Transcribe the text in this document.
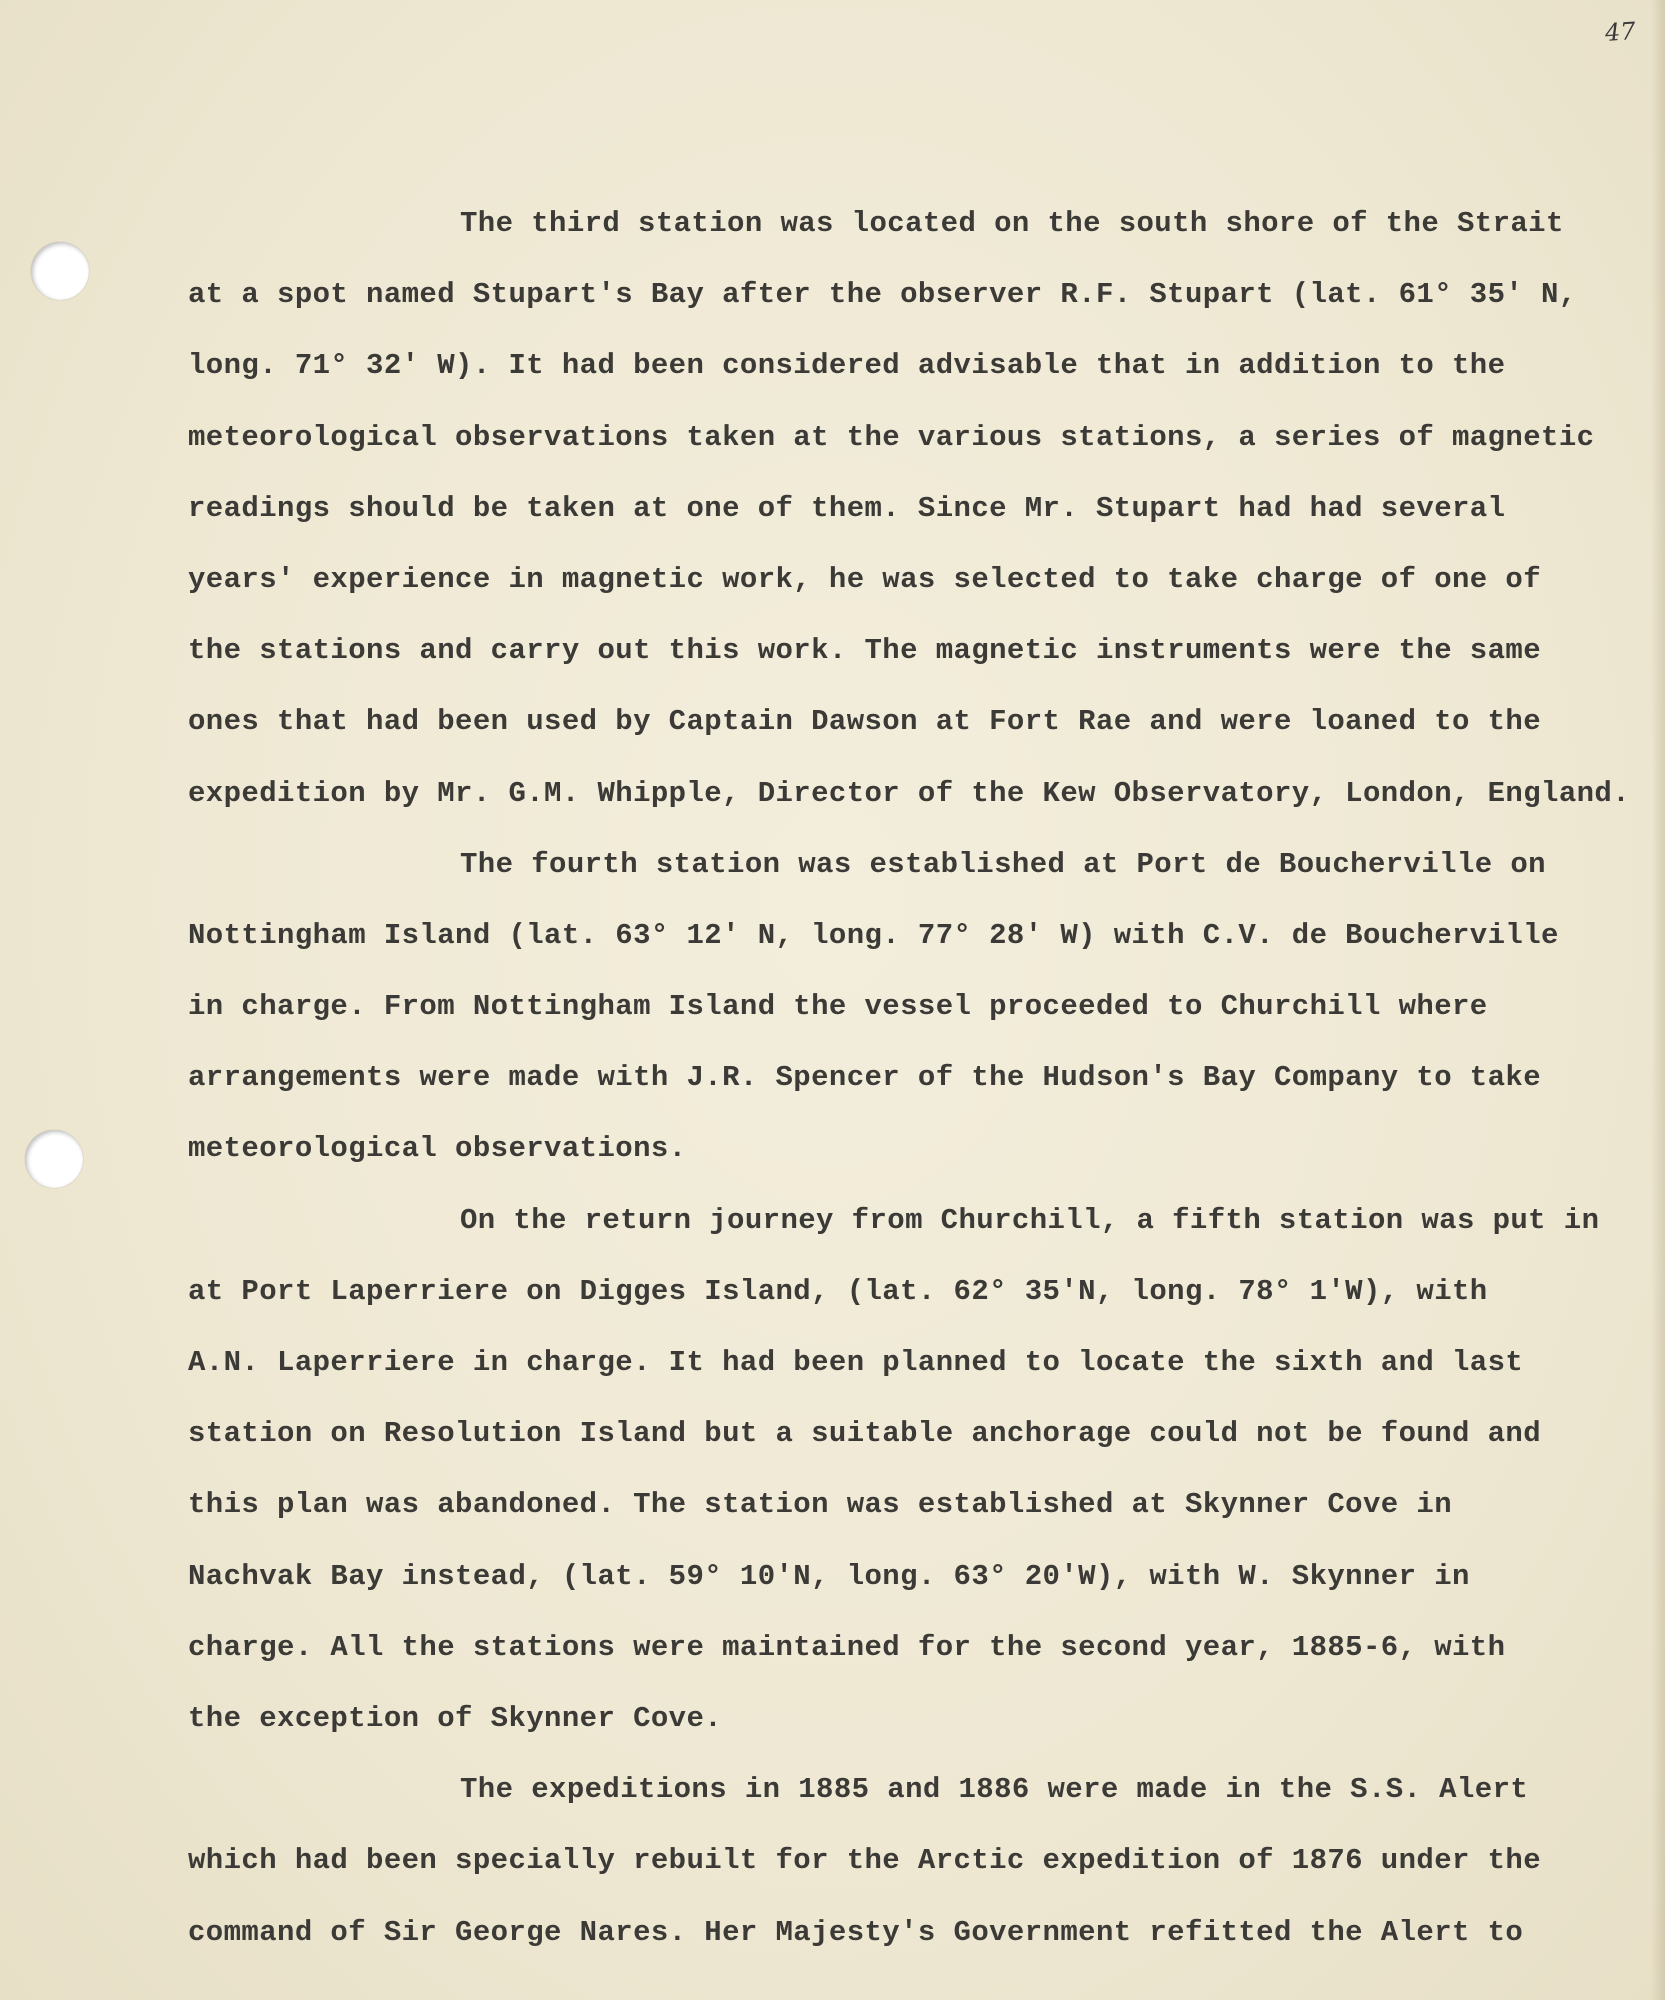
47
The third station was located on the south shore of the Strait
at a spot named Stupart's Bay after the observer R.F. Stupart (lat. 61° 35' N,
long. 71° 32' W). It had been considered advisable that in addition to the
meteorological observations taken at the various stations, a series of magnetic
readings should be taken at one of them. Since Mr. Stupart had had several
years' experience in magnetic work, he was selected to take charge of one of
the stations and carry out this work. The magnetic instruments were the same
ones that had been used by Captain Dawson at Fort Rae and were loaned to the
expedition by Mr. G.M. Whipple, Director of the Kew Observatory, London, England.
The fourth station was established at Port de Boucherville on
Nottingham Island (lat. 63° 12' N, long. 77° 28' W) with C.V. de Boucherville
in charge. From Nottingham Island the vessel proceeded to Churchill where
arrangements were made with J.R. Spencer of the Hudson's Bay Company to take
meteorological observations.
On the return journey from Churchill, a fifth station was put in
at Port Laperriere on Digges Island, (lat. 62° 35'N, long. 78° 1'W), with
A.N. Laperriere in charge. It had been planned to locate the sixth and last
station on Resolution Island but a suitable anchorage could not be found and
this plan was abandoned. The station was established at Skynner Cove in
Nachvak Bay instead, (lat. 59° 10'N, long. 63° 20'W), with W. Skynner in
charge. All the stations were maintained for the second year, 1885-6, with
the exception of Skynner Cove.
The expeditions in 1885 and 1886 were made in the S.S. Alert
which had been specially rebuilt for the Arctic expedition of 1876 under the
command of Sir George Nares. Her Majesty's Government refitted the Alert to
